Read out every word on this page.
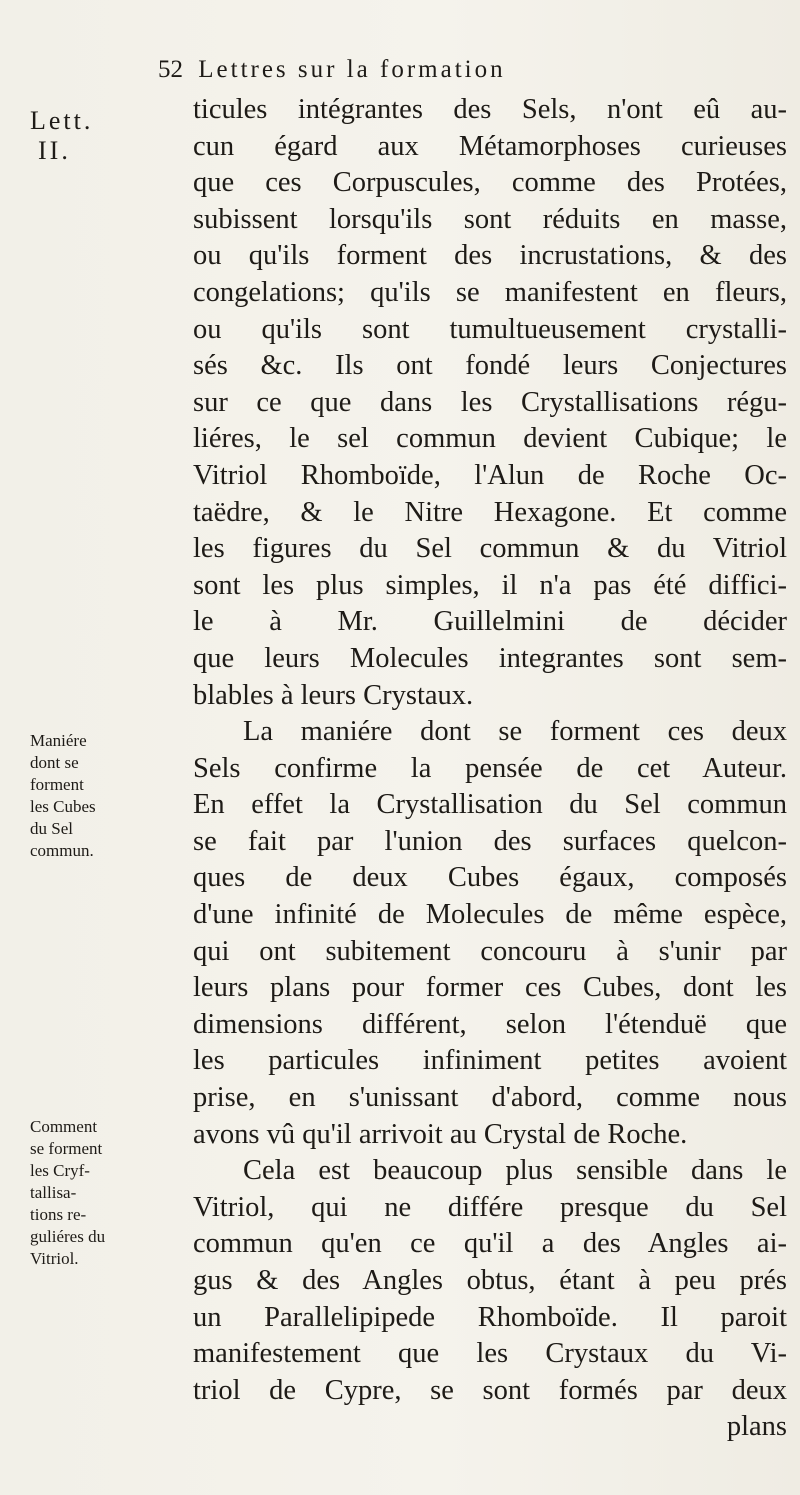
52 Lettres sur la formation
Lett.
II.
Maniére
dont se
forment
les Cubes
du Sel
commun.
Comment
se forment
les Cryf-
tallisa-
tions re-
guliéres du
Vitriol.
ticules intégrantes des Sels, n'ont eû au-
cun égard aux Métamorphoses curieuses
que ces Corpuscules, comme des Protées,
subissent lorsqu'ils sont réduits en masse,
ou qu'ils forment des incrustations, & des
congelations; qu'ils se manifestent en fleurs,
ou qu'ils sont tumultueusement crystalli-
sés &c. Ils ont fondé leurs Conjectures
sur ce que dans les Crystallisations régu-
liéres, le sel commun devient Cubique; le
Vitriol Rhomboïde, l'Alun de Roche Oc-
taëdre, & le Nitre Hexagone. Et comme
les figures du Sel commun & du Vitriol
sont les plus simples, il n'a pas été diffici-
le à Mr. Guillelmini de décider
que leurs Molecules integrantes sont sem-
blables à leurs Crystaux.
La maniére dont se forment ces deux
Sels confirme la pensée de cet Auteur.
En effet la Crystallisation du Sel commun
se fait par l'union des surfaces quelcon-
ques de deux Cubes égaux, composés
d'une infinité de Molecules de même espèce,
qui ont subitement concouru à s'unir par
leurs plans pour former ces Cubes, dont les
dimensions différent, selon l'étenduë que
les particules infiniment petites avoient
prise, en s'unissant d'abord, comme nous
avons vû qu'il arrivoit au Crystal de Roche.
Cela est beaucoup plus sensible dans le
Vitriol, qui ne différe presque du Sel
commun qu'en ce qu'il a des Angles ai-
gus & des Angles obtus, étant à peu prés
un Parallelipipede Rhomboïde. Il paroit
manifestement que les Crystaux du Vi-
triol de Cypre, se sont formés par deux
plans
